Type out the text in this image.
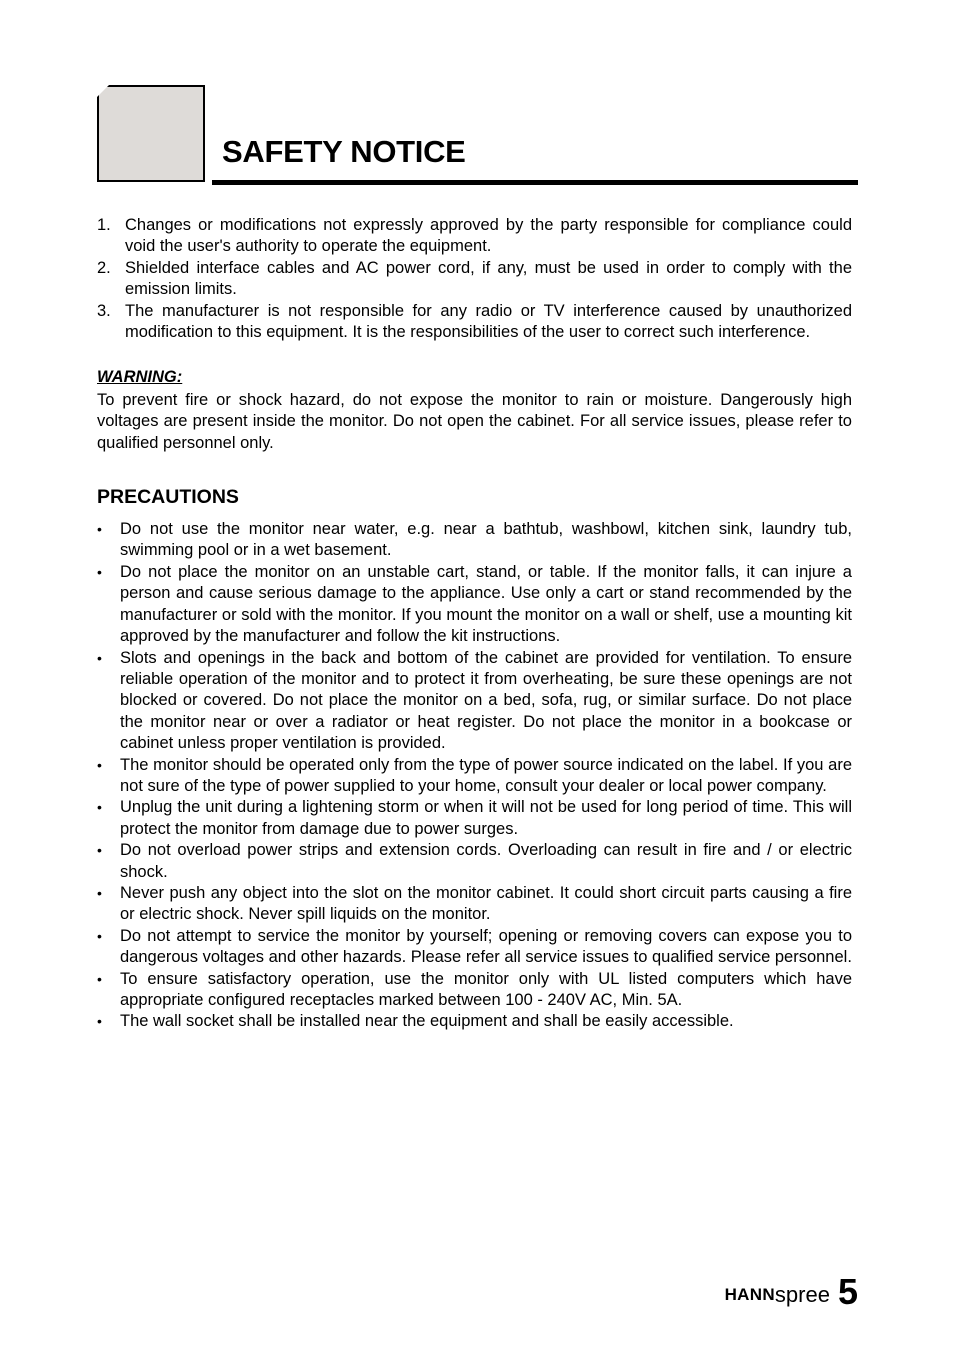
SAFETY NOTICE
1. Changes or modifications not expressly approved by the party responsible for compliance could void the user's authority to operate the equipment.
2. Shielded interface cables and AC power cord, if any, must be used in order to comply with the emission limits.
3. The manufacturer is not responsible for any radio or TV interference caused by unauthorized modification to this equipment. It is the responsibilities of the user to correct such interference.
WARNING:

To prevent fire or shock hazard, do not expose the monitor to rain or moisture. Dangerously high voltages are present inside the monitor. Do not open the cabinet. For all service issues, please refer to qualified personnel only.

PRECAUTIONS
• Do not use the monitor near water, e.g. near a bathtub, washbowl, kitchen sink, laundry tub, swimming pool or in a wet basement.
• Do not place the monitor on an unstable cart, stand, or table. If the monitor falls, it can injure a person and cause serious damage to the appliance. Use only a cart or stand recommended by the manufacturer or sold with the monitor. If you mount the monitor on a wall or shelf, use a mounting kit approved by the manufacturer and follow the kit instructions.
• Slots and openings in the back and bottom of the cabinet are provided for ventilation. To ensure reliable operation of the monitor and to protect it from overheating, be sure these openings are not blocked or covered. Do not place the monitor on a bed, sofa, rug, or similar surface. Do not place the monitor near or over a radiator or heat register. Do not place the monitor in a bookcase or cabinet unless proper ventilation is provided.
• The monitor should be operated only from the type of power source indicated on the label. If you are not sure of the type of power supplied to your home, consult your dealer or local power company.
• Unplug the unit during a lightening storm or when it will not be used for long period of time. This will protect the monitor from damage due to power surges.
• Do not overload power strips and extension cords. Overloading can result in fire and / or electric shock.
• Never push any object into the slot on the monitor cabinet. It could short circuit parts causing a fire or electric shock. Never spill liquids on the monitor.
• Do not attempt to service the monitor by yourself; opening or removing covers can expose you to dangerous voltages and other hazards. Please refer all service issues to qualified service personnel.
• To ensure satisfactory operation, use the monitor only with UL listed computers which have appropriate configured receptacles marked between 100 - 240V AC, Min. 5A.
• The wall socket shall be installed near the equipment and shall be easily accessible.
HANN spree 5
